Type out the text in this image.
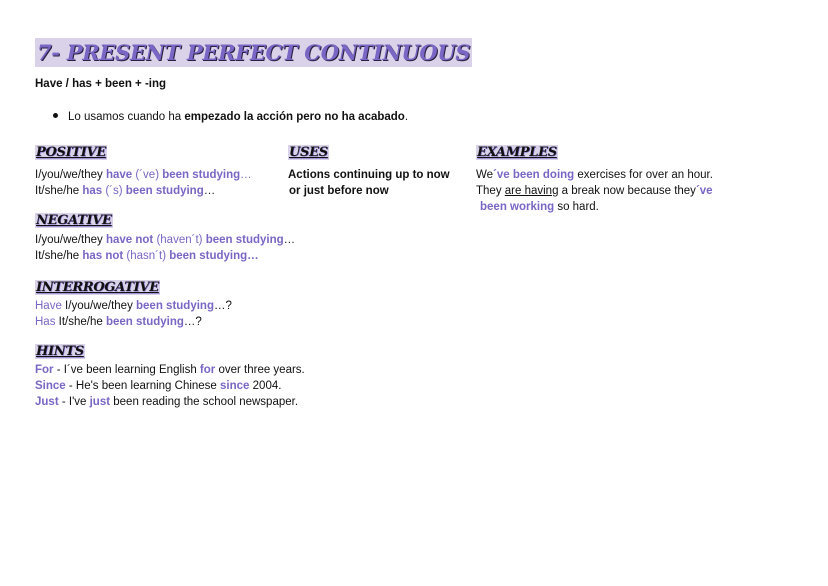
7- PRESENT PERFECT CONTINUOUS
Have / has + been + -ing
Lo usamos cuando ha empezado la acción pero no ha acabado.
POSITIVE
I/you/we/they have (´ve) been studying…
It/she/he has (´s) been studying…
USES
Actions continuing up to now
or just before now
EXAMPLES
We´ve been doing exercises for over an hour.
They are having a break now because they´ve
been working so hard.
NEGATIVE
I/you/we/they have not (haven´t) been studying…
It/she/he has not (hasn´t) been studying…
INTERROGATIVE
Have I/you/we/they been studying…?
Has It/she/he been studying…?
HINTS
For - I´ve been learning English for over three years.
Since - He's been learning Chinese since 2004.
Just - I've just been reading the school newspaper.
